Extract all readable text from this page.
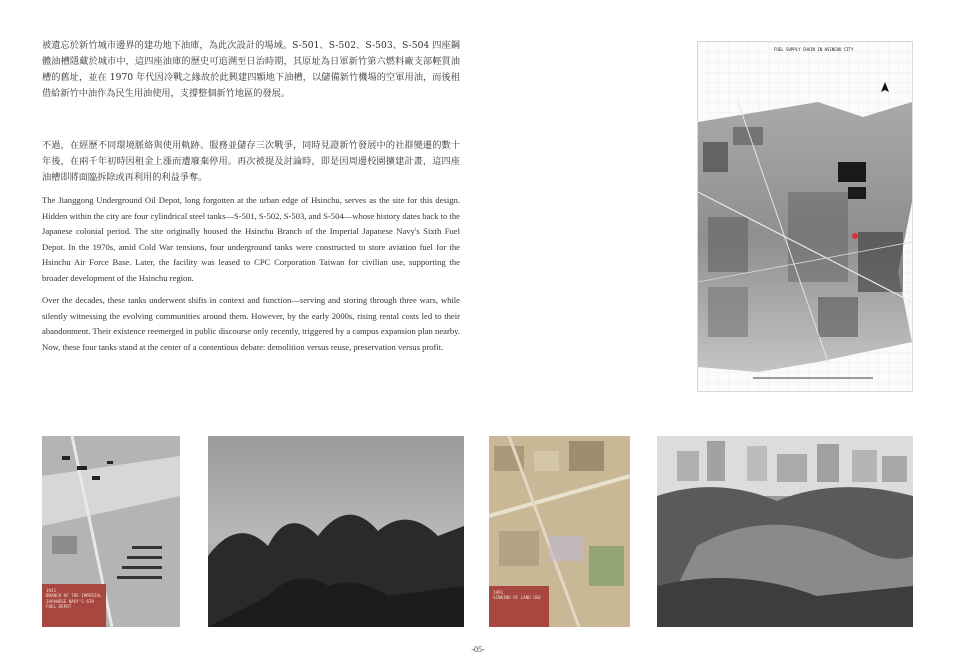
被遺忘於新竹城市邊界的建功地下油庫，為此次設計的場域。S-501、S-502、S-503、S-504 四座鋼體油槽隱藏於城市中，這四座油庫的歷史可追溯至日治時期，其原址為日軍新竹第六燃料廠支部輕質油槽的舊址，並在 1970 年代因冷戰之緣故於此興建四顆地下油槽，以儲備新竹機場的空軍用油，而後租借給新竹中油作為民生用油使用，支撐整個新竹地區的發展。

不過，在經歷不同環境脈絡與使用軌跡、服務並儲存三次戰爭，同時見證新竹發展中的社群變遷的數十年後，在兩千年初時因租金上漲而遭廢棄停用。再次被提及討論時，即是因周邊校園擴建計畫，這四座油槽即將面臨拆除或再利用的利益爭奪。

The Jianggong Underground Oil Depot, long forgotten at the urban edge of Hsinchu, serves as the site for this design. Hidden within the city are four cylindrical steel tanks—S-501, S-502, S-503, and S-504—whose history dates back to the Japanese colonial period. The site originally housed the Hsinchu Branch of the Imperial Japanese Navy's Sixth Fuel Depot. In the 1970s, amid Cold War tensions, four underground tanks were constructed to store aviation fuel for the Hsinchu Air Force Base. Later, the facility was leased to CPC Corporation Taiwan for civilian use, supporting the broader development of the Hsinchu region.

Over the decades, these tanks underwent shifts in context and function—serving and storing through three wars, while silently witnessing the evolving communities around them. However, by the early 2000s, rising rental costs led to their abandonment. Their existence reemerged in public discourse only recently, triggered by a campus expansion plan nearby. Now, these four tanks stand at the center of a contentious debate: demolition versus reuse, preservation versus profit.

FUEL SUPPLY CHAIN IN HSINCHU CITY
1941
BRANCH OF THE IMPERIAL JAPANESE NAVY'S 6TH FUEL DEPOT
1991
SINKING OF LAND USE
-05-
